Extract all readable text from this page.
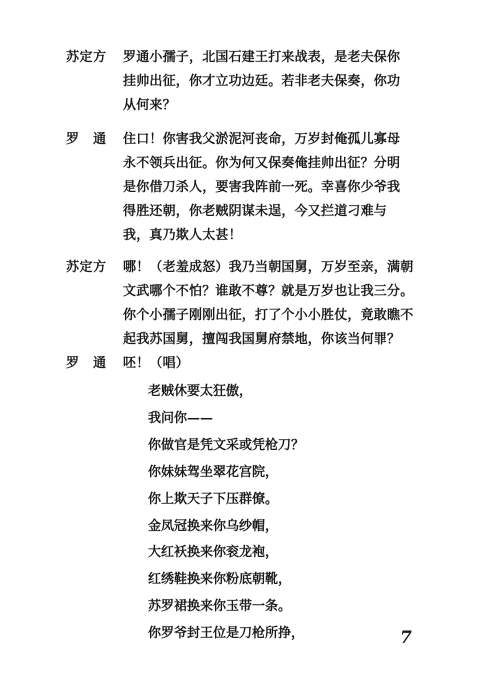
苏定方	罗通小孺子，北国石建王打来战表，是老夫保你
挂帅出征，你才立功边廷。若非老夫保奏，你功
从何来？
罗　通	住口！你害我父淤泥河丧命，万岁封俺孤儿寡母
永不领兵出征。你为何又保奏俺挂帅出征？分明
是你借刀杀人，要害我阵前一死。幸喜你少爷我
得胜还朝，你老贼阴谋未逞，今又拦道刁难与
我，真乃欺人太甚！
苏定方	哪！（老羞成怒）我乃当朝国舅，万岁至亲，满朝
文武哪个不怕？谁敢不尊？就是万岁也让我三分。
你个小孺子刚刚出征，打了个小小胜仗，竟敢瞧不
起我苏国舅，擅闯我国舅府禁地，你该当何罪？
罗　通	呸！（唱）
老贼休要太狂傲，
我问你——
你做官是凭文采或凭枪刀？
你妹妹驾坐翠花宫院，
你上欺天子下压群僚。
金凤冠换来你乌纱帽，
大红袄换来你衮龙袍，
红绣鞋换来你粉底朝靴，
苏罗裙换来你玉带一条。
你罗爷封王位是刀枪所挣，	7
